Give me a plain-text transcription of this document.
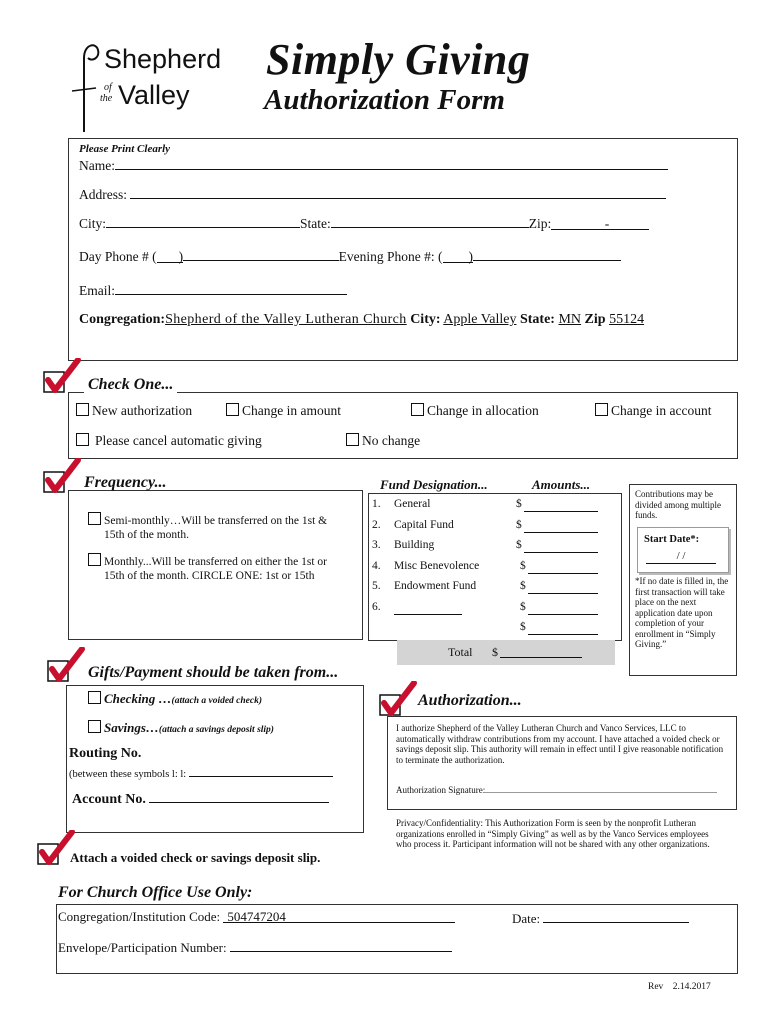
Shepherd
of
the Valley
Simply Giving
Authorization Form
Please Print Clearly
Name:
Address:
City:	State:	Zip:	-
Day Phone # ( )	Evening Phone #: ( )
Email:
Congregation:Shepherd of the Valley Lutheran Church City: Apple Valley State: MN Zip 55124
Check One...
New authorization	Change in amount	Change in allocation	Change in account
Please cancel automatic giving	No change
Frequency...
Semi-monthly…Will be transferred on the 1st &
15th of the month.
Monthly...Will be transferred on either the 1st or
15th of the month. CIRCLE ONE: 1st or 15th
Fund Designation...	Amounts...
1. General	$
2. Capital Fund	$
3. Building	$
4. Misc Benevolence	$
5. Endowment Fund	$
6.	$
$
Total $
Contributions may be divided among multiple funds.
Start Date*:
/ /
*If no date is filled in, the first transaction will take place on the next application date upon completion of your enrollment in “Simply Giving.”
Gifts/Payment should be taken from...
Checking …(attach a voided check)
Savings…(attach a savings deposit slip)
Routing No.
(between these symbols l: l:
Account No.
Authorization...
I authorize Shepherd of the Valley Lutheran Church and Vanco Services, LLC to automatically withdraw contributions from my account. I have attached a voided check or savings deposit slip. This authority will remain in effect until I give reasonable notification to terminate the authorization.
Authorization Signature:
Privacy/Confidentiality: This Authorization Form is seen by the nonprofit Lutheran organizations enrolled in “Simply Giving” as well as by the Vanco Services employees who process it. Participant information will not be shared with any other organizations.
Attach a voided check or savings deposit slip.
For Church Office Use Only:
Congregation/Institution Code: 504747204	Date:
Envelope/Participation Number:
Rev    2.14.2017
